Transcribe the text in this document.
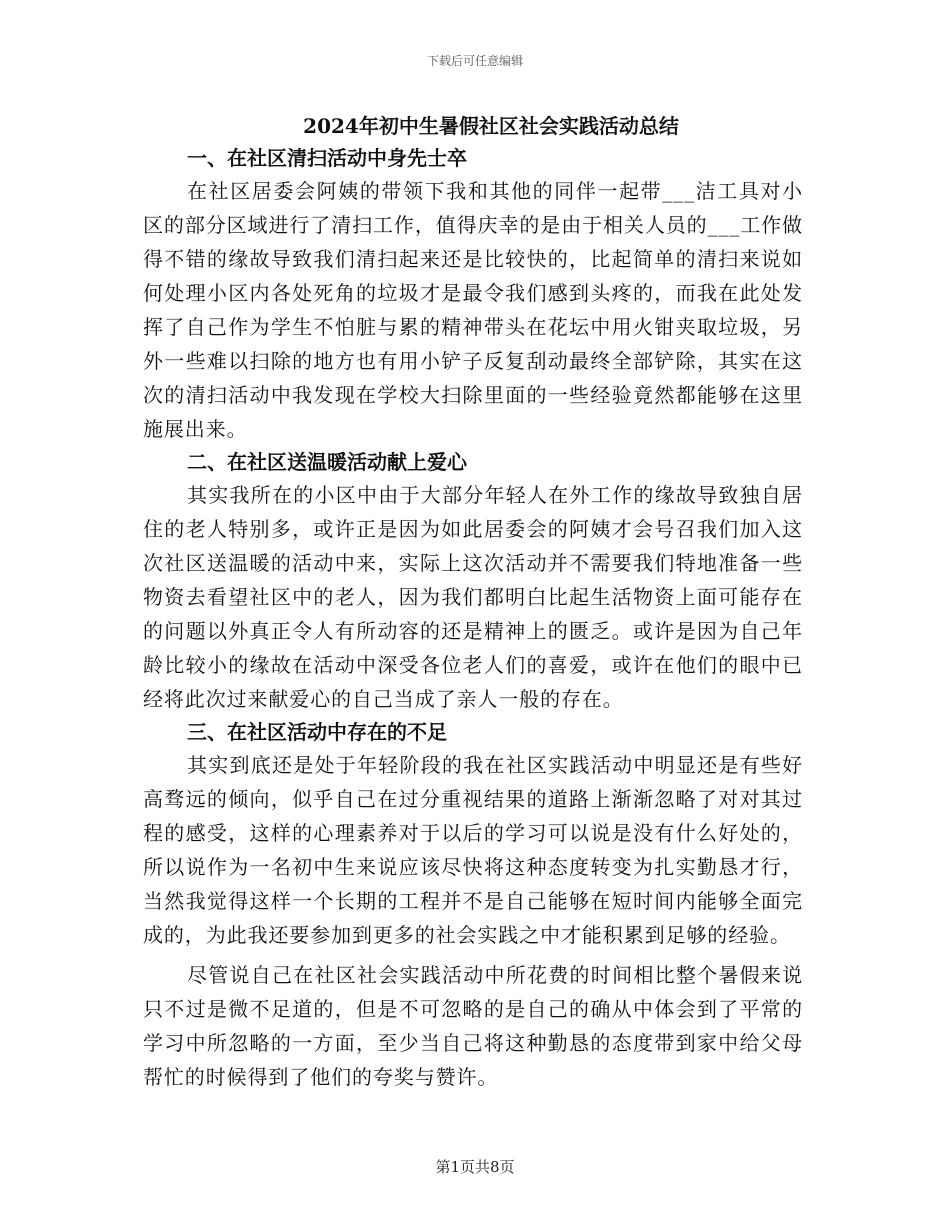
下载后可任意编辑
2024年初中生暑假社区社会实践活动总结
一、在社区清扫活动中身先士卒

在社区居委会阿姨的带领下我和其他的同伴一起带___洁工具对小区的部分区域进行了清扫工作，值得庆幸的是由于相关人员的___工作做得不错的缘故导致我们清扫起来还是比较快的，比起简单的清扫来说如何处理小区内各处死角的垃圾才是最令我们感到头疼的，而我在此处发挥了自己作为学生不怕脏与累的精神带头在花坛中用火钳夹取垃圾，另外一些难以扫除的地方也有用小铲子反复刮动最终全部铲除，其实在这次的清扫活动中我发现在学校大扫除里面的一些经验竟然都能够在这里施展出来。

二、在社区送温暖活动献上爱心

其实我所在的小区中由于大部分年轻人在外工作的缘故导致独自居住的老人特别多，或许正是因为如此居委会的阿姨才会号召我们加入这次社区送温暖的活动中来，实际上这次活动并不需要我们特地准备一些物资去看望社区中的老人，因为我们都明白比起生活物资上面可能存在的问题以外真正令人有所动容的还是精神上的匮乏。或许是因为自己年龄比较小的缘故在活动中深受各位老人们的喜爱，或许在他们的眼中已经将此次过来献爱心的自己当成了亲人一般的存在。

三、在社区活动中存在的不足

其实到底还是处于年轻阶段的我在社区实践活动中明显还是有些好高骛远的倾向，似乎自己在过分重视结果的道路上渐渐忽略了对对其过程的感受，这样的心理素养对于以后的学习可以说是没有什么好处的，所以说作为一名初中生来说应该尽快将这种态度转变为扎实勤恳才行，当然我觉得这样一个长期的工程并不是自己能够在短时间内能够全面完成的，为此我还要参加到更多的社会实践之中才能积累到足够的经验。

尽管说自己在社区社会实践活动中所花费的时间相比整个暑假来说只不过是微不足道的，但是不可忽略的是自己的确从中体会到了平常的学习中所忽略的一方面，至少当自己将这种勤恳的态度带到家中给父母帮忙的时候得到了他们的夸奖与赞许。

第1页共8页
